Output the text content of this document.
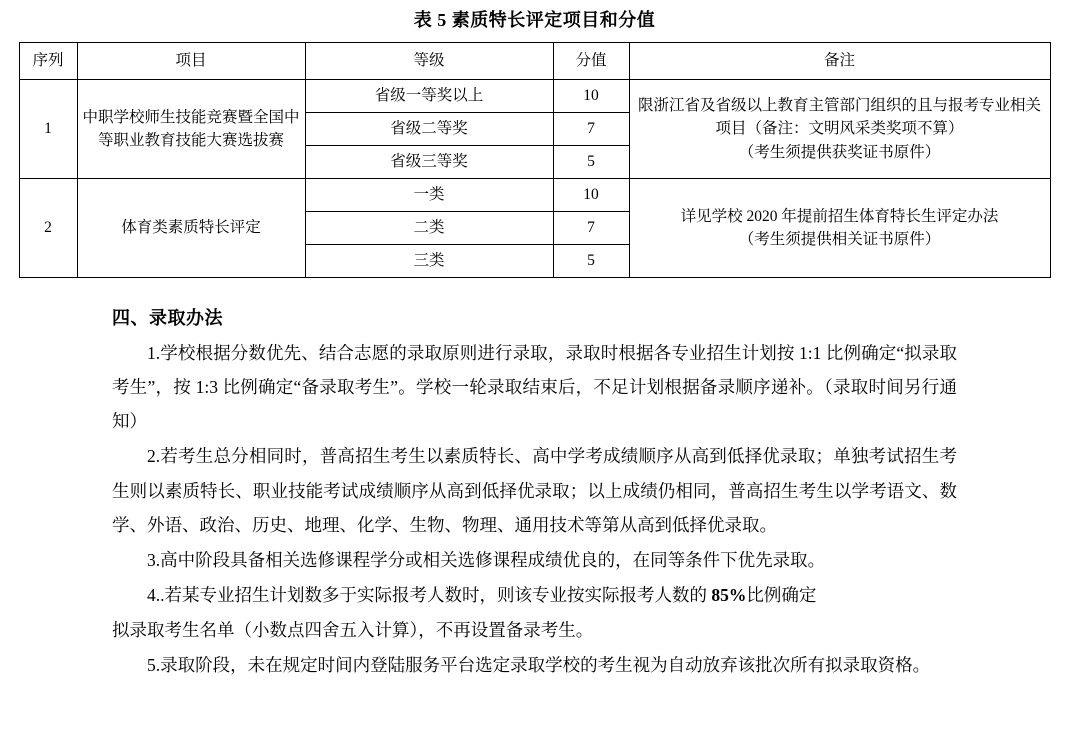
表 5 素质特长评定项目和分值
序列	项目	等级	分值	备注
1	中职学校师生技能竞赛暨全国中等职业教育技能大赛选拔赛	省级一等奖以上	10	限浙江省及省级以上教育主管部门组织的且与报考专业相关
项目（备注：文明风采类奖项不算）
（考生须提供获奖证书原件）

		省级二等奖	7	
		省级三等奖	5	
2	体育类素质特长评定	一类	10	详见学校 2020 年提前招生体育特长生评定办法
（考生须提供相关证书原件）

		二类	7	
		三类	5	
四、录取办法

1.学校根据分数优先、结合志愿的录取原则进行录取，录取时根据各专业招生计划按 1:1 比例确定“拟录取考生”，按 1:3 比例确定“备录取考生”。学校一轮录取结束后，不足计划根据备录顺序递补。（录取时间另行通知）

2.若考生总分相同时，普高招生考生以素质特长、高中学考成绩顺序从高到低择优录取；单独考试招生考生则以素质特长、职业技能考试成绩顺序从高到低择优录取；以上成绩仍相同，普高招生考生以学考语文、数学、外语、政治、历史、地理、化学、生物、物理、通用技术等第从高到低择优录取。

3.高中阶段具备相关选修课程学分或相关选修课程成绩优良的，在同等条件下优先录取。

4..若某专业招生计划数多于实际报考人数时，则该专业按实际报考人数的 85%比例确定

拟录取考生名单（小数点四舍五入计算），不再设置备录考生。

5.录取阶段，未在规定时间内登陆服务平台选定录取学校的考生视为自动放弃该批次所有拟录取资格。
